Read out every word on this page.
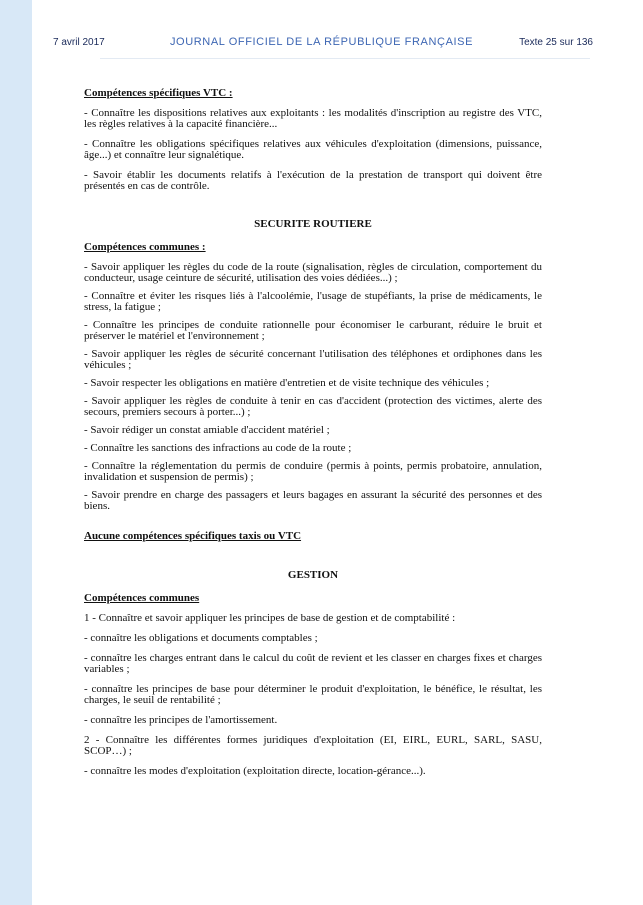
7 avril 2017	JOURNAL OFFICIEL DE LA RÉPUBLIQUE FRANÇAISE	Texte 25 sur 136

Compétences spécifiques VTC :

- Connaître les dispositions relatives aux exploitants : les modalités d'inscription au registre des VTC, les règles relatives à la capacité financière...

- Connaître les obligations spécifiques relatives aux véhicules d'exploitation (dimensions, puissance, âge...) et connaître leur signalétique.

- Savoir établir les documents relatifs à l'exécution de la prestation de transport qui doivent être présentés en cas de contrôle.

SECURITE ROUTIERE

Compétences communes :

- Savoir appliquer les règles du code de la route (signalisation, règles de circulation, comportement du conducteur, usage ceinture de sécurité, utilisation des voies dédiées...) ;

- Connaître et éviter les risques liés à l'alcoolémie, l'usage de stupéfiants, la prise de médicaments, le stress, la fatigue ;

- Connaître les principes de conduite rationnelle pour économiser le carburant, réduire le bruit et préserver le matériel et l'environnement ;

- Savoir appliquer les règles de sécurité concernant l'utilisation des téléphones et ordiphones dans les véhicules ;

- Savoir respecter les obligations en matière d'entretien et de visite technique des véhicules ;

- Savoir appliquer les règles de conduite à tenir en cas d'accident (protection des victimes, alerte des secours, premiers secours à porter...) ;

- Savoir rédiger un constat amiable d'accident matériel ;

- Connaître les sanctions des infractions au code de la route ;

- Connaître la réglementation du permis de conduire (permis à points, permis probatoire, annulation, invalidation et suspension de permis) ;

- Savoir prendre en charge des passagers et leurs bagages en assurant la sécurité des personnes et des biens.

Aucune compétences spécifiques taxis ou VTC

GESTION

Compétences communes

1 - Connaître et savoir appliquer les principes de base de gestion et de comptabilité :

- connaître les obligations et documents comptables ;

- connaître les charges entrant dans le calcul du coût de revient et les classer en charges fixes et charges variables ;

- connaître les principes de base pour déterminer le produit d'exploitation, le bénéfice, le résultat, les charges, le seuil de rentabilité ;

- connaître les principes de l'amortissement.

2 - Connaître les différentes formes juridiques d'exploitation (EI, EIRL, EURL, SARL, SASU, SCOP…) ;

- connaître les modes d'exploitation (exploitation directe, location-gérance...).
